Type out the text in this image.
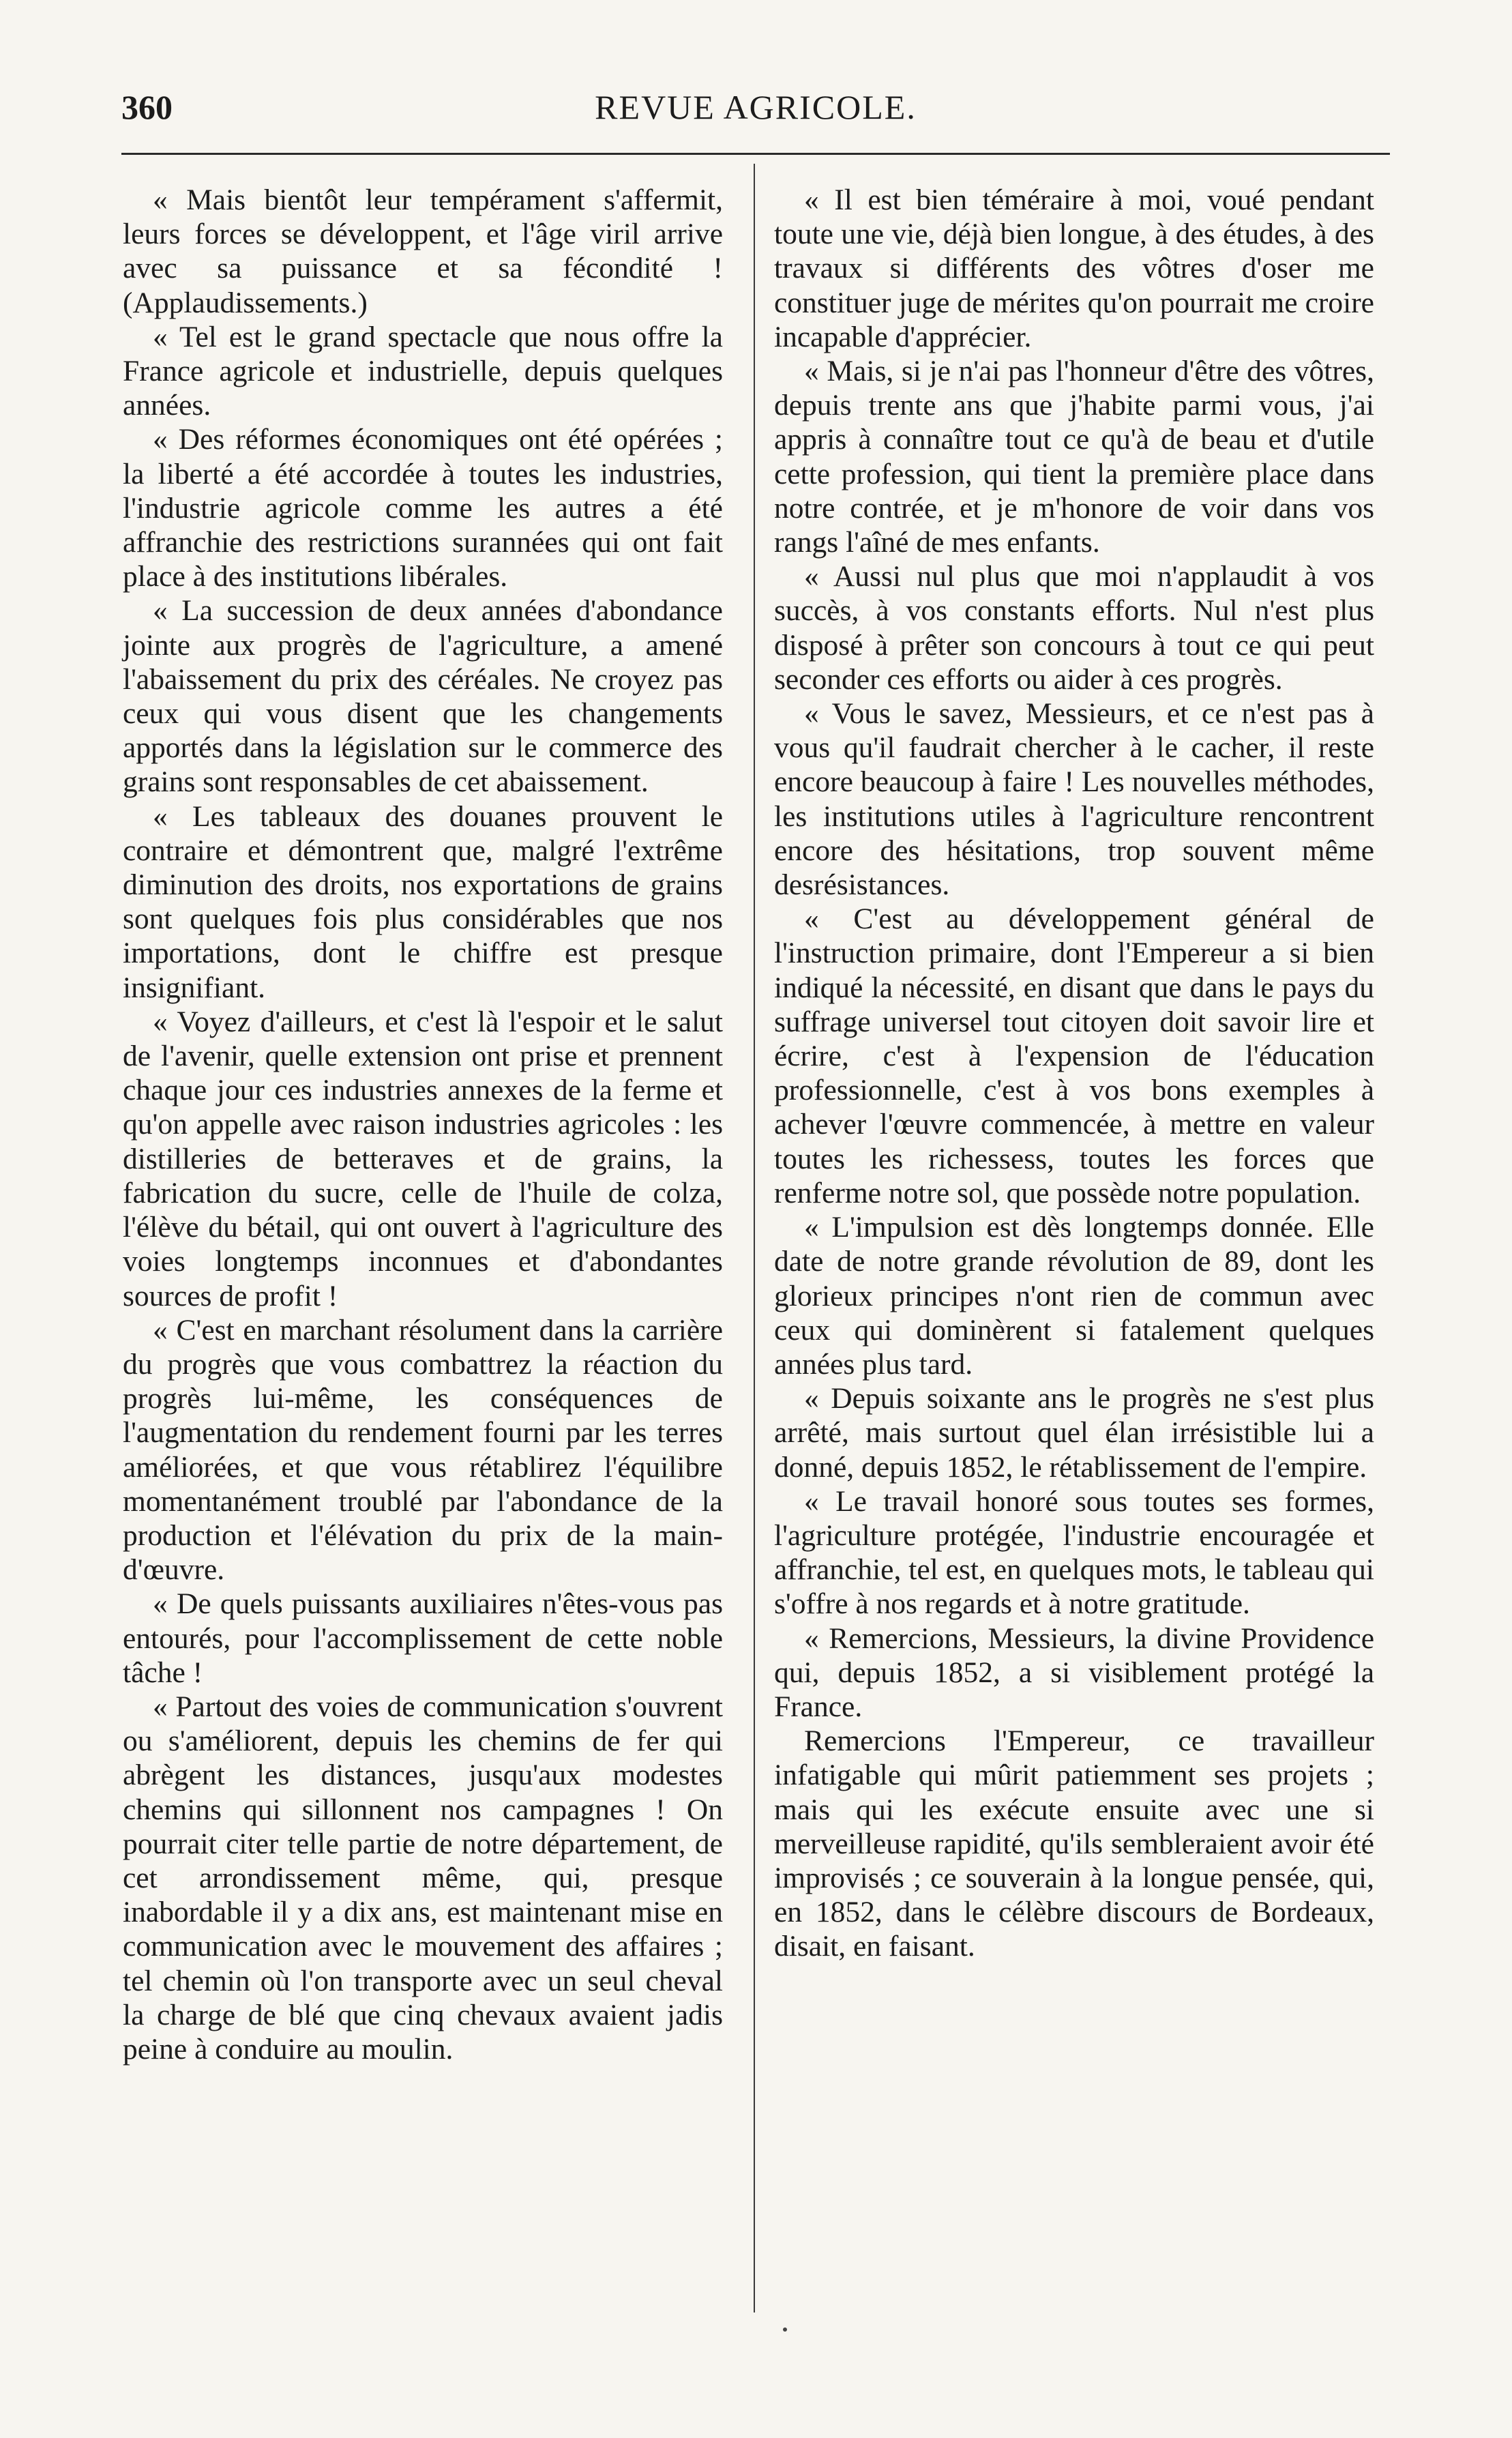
360	REVUE AGRICOLE.

« Mais bientôt leur tempérament s'affermit, leurs forces se développent, et l'âge viril arrive avec sa puissance et sa fécondité ! (Applaudissements.)

« Tel est le grand spectacle que nous offre la France agricole et industrielle, depuis quelques années.

« Des réformes économiques ont été opérées ; la liberté a été accordée à toutes les industries, l'industrie agricole comme les autres a été affranchie des restrictions surannées qui ont fait place à des institutions libérales.

« La succession de deux années d'abondance jointe aux progrès de l'agriculture, a amené l'abaissement du prix des céréales. Ne croyez pas ceux qui vous disent que les changements apportés dans la législation sur le commerce des grains sont responsables de cet abaissement.

« Les tableaux des douanes prouvent le contraire et démontrent que, malgré l'extrême diminution des droits, nos exportations de grains sont quelques fois plus considérables que nos importations, dont le chiffre est presque insignifiant.

« Voyez d'ailleurs, et c'est là l'espoir et le salut de l'avenir, quelle extension ont prise et prennent chaque jour ces industries annexes de la ferme et qu'on appelle avec raison industries agricoles : les distilleries de betteraves et de grains, la fabrication du sucre, celle de l'huile de colza, l'élève du bétail, qui ont ouvert à l'agriculture des voies longtemps inconnues et d'abondantes sources de profit !

« C'est en marchant résolument dans la carrière du progrès que vous combattrez la réaction du progrès lui-même, les conséquences de l'augmentation du rendement fourni par les terres améliorées, et que vous rétablirez l'équilibre momentanément troublé par l'abondance de la production et l'élévation du prix de la main-d'œuvre.

« De quels puissants auxiliaires n'êtes-vous pas entourés, pour l'accomplissement de cette noble tâche !

« Partout des voies de communication s'ouvrent ou s'améliorent, depuis les chemins de fer qui abrègent les distances, jusqu'aux modestes chemins qui sillonnent nos campagnes ! On pourrait citer telle partie de notre département, de cet arrondissement même, qui, presque inabordable il y a dix ans, est maintenant mise en communication avec le mouvement des affaires ; tel chemin où l'on transporte avec un seul cheval la charge de blé que cinq chevaux avaient jadis peine à conduire au moulin.

« Il est bien téméraire à moi, voué pendant toute une vie, déjà bien longue, à des études, à des travaux si différents des vôtres d'oser me constituer juge de mérites qu'on pourrait me croire incapable d'apprécier.

« Mais, si je n'ai pas l'honneur d'être des vôtres, depuis trente ans que j'habite parmi vous, j'ai appris à connaître tout ce qu'à de beau et d'utile cette profession, qui tient la première place dans notre contrée, et je m'honore de voir dans vos rangs l'aîné de mes enfants.

« Aussi nul plus que moi n'applaudit à vos succès, à vos constants efforts. Nul n'est plus disposé à prêter son concours à tout ce qui peut seconder ces efforts ou aider à ces progrès.

« Vous le savez, Messieurs, et ce n'est pas à vous qu'il faudrait chercher à le cacher, il reste encore beaucoup à faire ! Les nouvelles méthodes, les institutions utiles à l'agriculture rencontrent encore des hésitations, trop souvent même desrésistances.

« C'est au développement général de l'instruction primaire, dont l'Empereur a si bien indiqué la nécessité, en disant que dans le pays du suffrage universel tout citoyen doit savoir lire et écrire, c'est à l'expension de l'éducation professionnelle, c'est à vos bons exemples à achever l'œuvre commencée, à mettre en valeur toutes les richessess, toutes les forces que renferme notre sol, que possède notre population.

« L'impulsion est dès longtemps donnée. Elle date de notre grande révolution de 89, dont les glorieux principes n'ont rien de commun avec ceux qui dominèrent si fatalement quelques années plus tard.

« Depuis soixante ans le progrès ne s'est plus arrêté, mais surtout quel élan irrésistible lui a donné, depuis 1852, le rétablissement de l'empire.

« Le travail honoré sous toutes ses formes, l'agriculture protégée, l'industrie encouragée et affranchie, tel est, en quelques mots, le tableau qui s'offre à nos regards et à notre gratitude.

« Remercions, Messieurs, la divine Providence qui, depuis 1852, a si visiblement protégé la France.

Remercions l'Empereur, ce travailleur infatigable qui mûrit patiemment ses projets ; mais qui les exécute ensuite avec une si merveilleuse rapidité, qu'ils sembleraient avoir été improvisés ; ce souverain à la longue pensée, qui, en 1852, dans le célèbre discours de Bordeaux, disait, en faisant.
